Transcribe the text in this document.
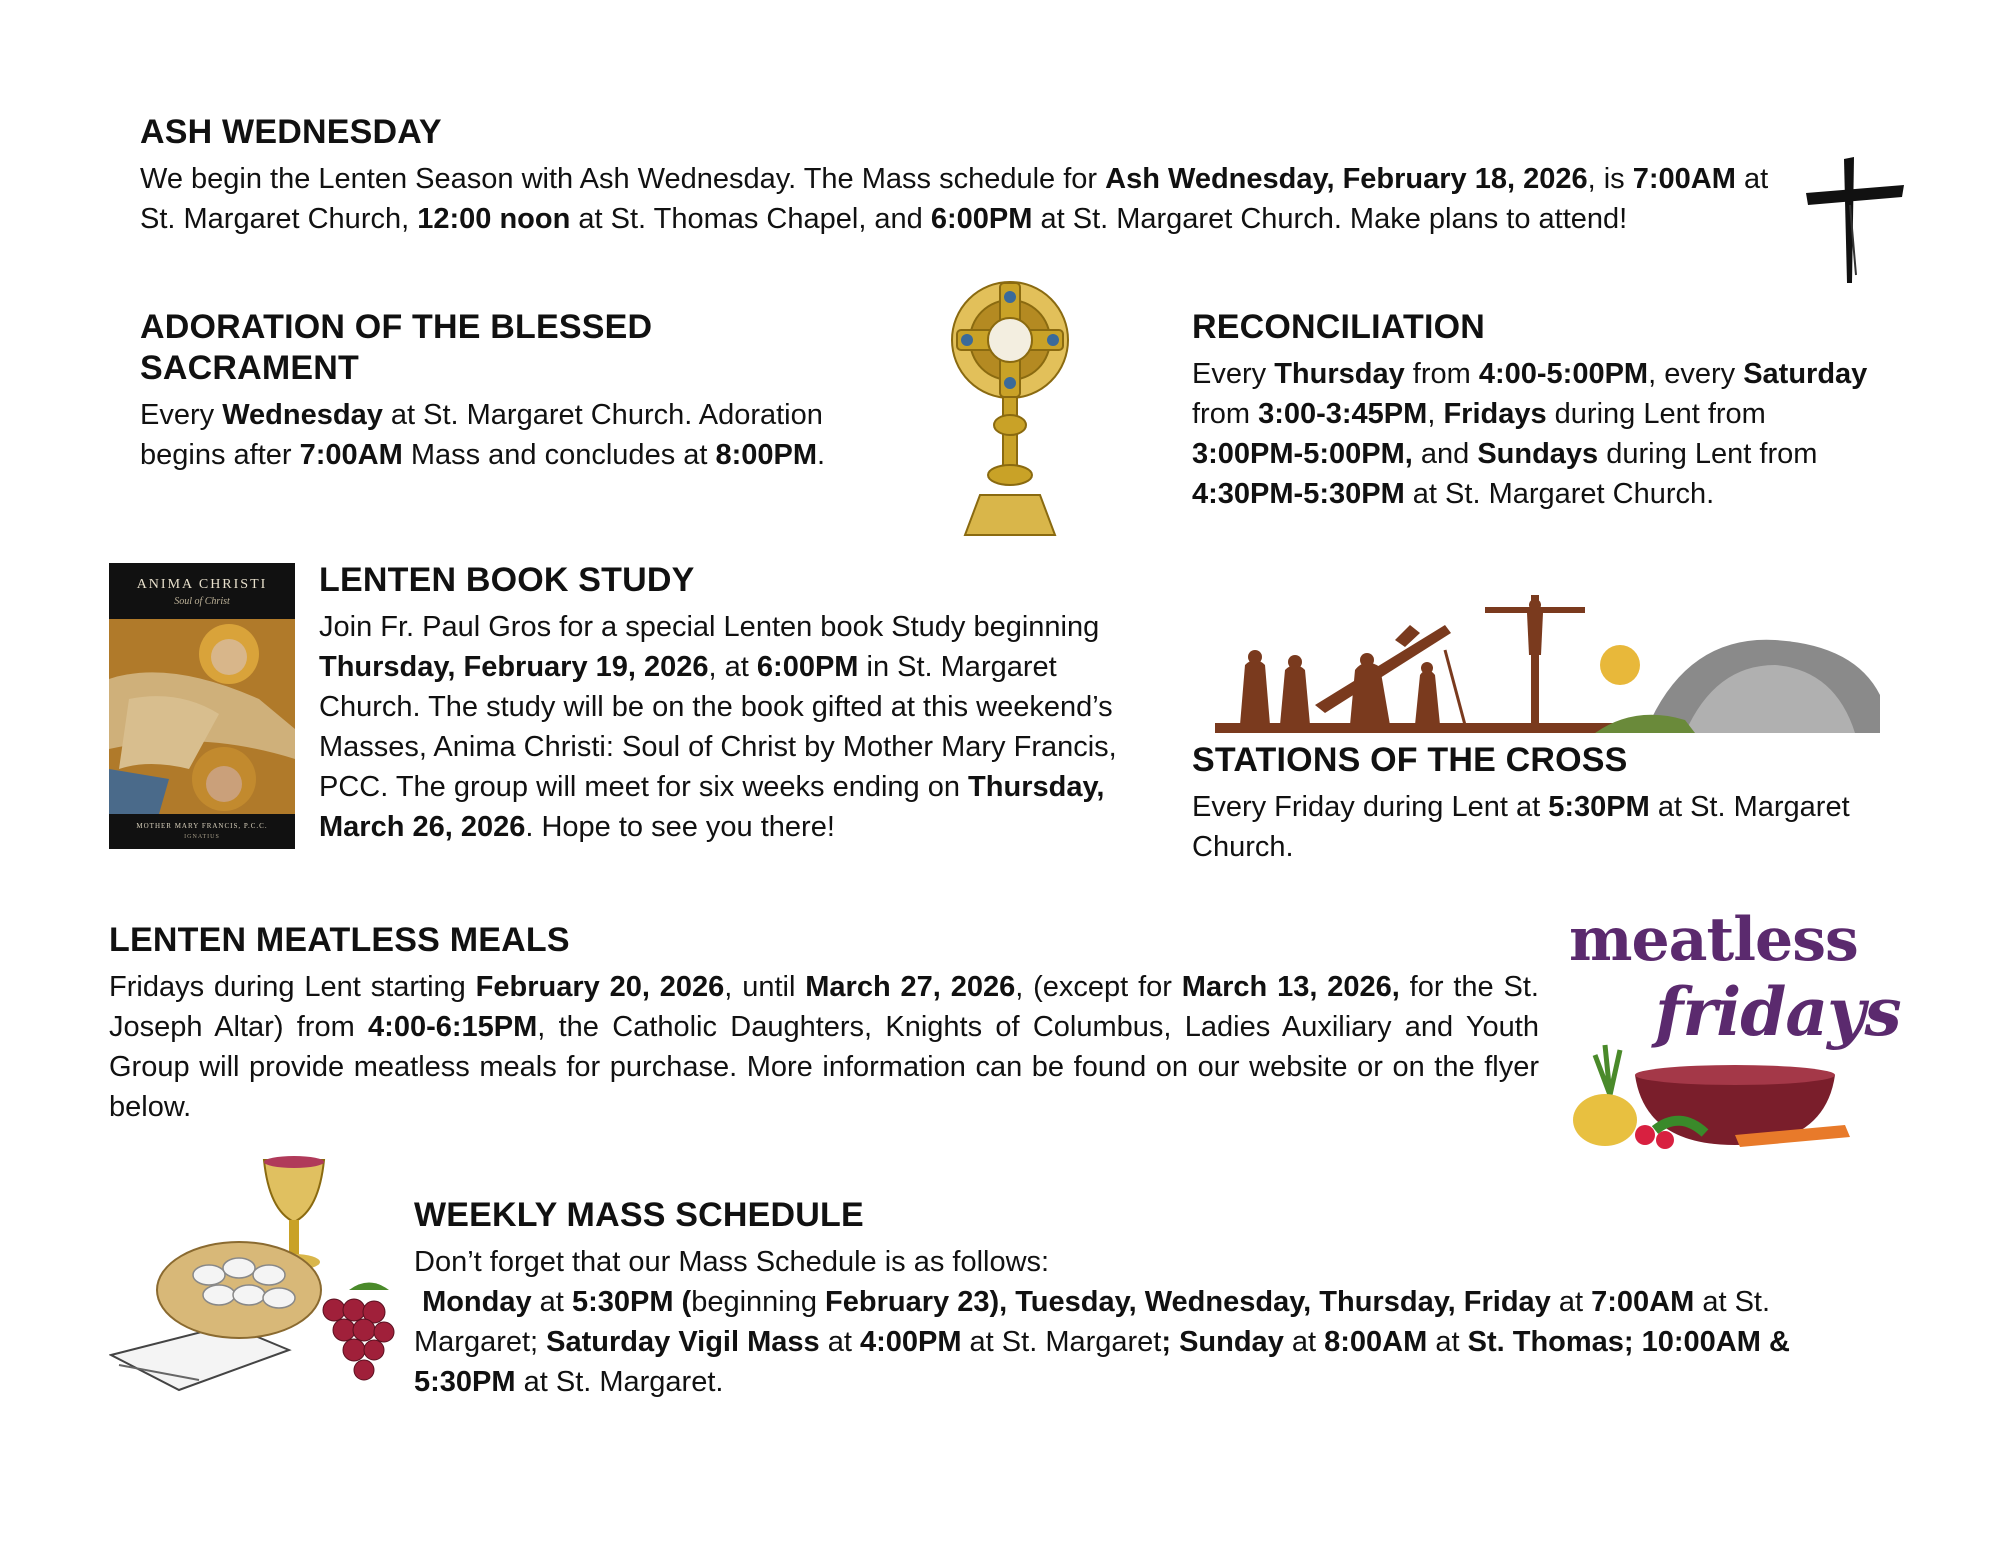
ASH WEDNESDAY

We begin the Lenten Season with Ash Wednesday. The Mass schedule for Ash Wednesday, February 18, 2026, is 7:00AM at St. Margaret Church, 12:00 noon at St. Thomas Chapel, and 6:00PM at St. Margaret Church. Make plans to attend!

ADORATION OF THE BLESSED SACRAMENT

Every Wednesday at St. Margaret Church. Adoration begins after 7:00AM Mass and concludes at 8:00PM.

RECONCILIATION

Every Thursday from 4:00-5:00PM, every Saturday from 3:00-3:45PM, Fridays during Lent from 3:00PM-5:00PM, and Sundays during Lent from 4:30PM-5:30PM at St. Margaret Church.

ANIMA CHRISTI
Soul of Christ
MOTHER MARY FRANCIS, P.C.C.
IGNATIUS
LENTEN BOOK STUDY

Join Fr. Paul Gros for a special Lenten book Study beginning Thursday, February 19, 2026, at 6:00PM in St. Margaret Church. The study will be on the book gifted at this weekend’s Masses, Anima Christi: Soul of Christ by Mother Mary Francis, PCC. The group will meet for six weeks ending on Thursday, March 26, 2026. Hope to see you there!

STATIONS OF THE CROSS

Every Friday during Lent at 5:30PM at St. Margaret Church.

LENTEN MEATLESS MEALS

Fridays during Lent starting February 20, 2026, until March 27, 2026, (except for March 13, 2026, for the St. Joseph Altar) from 4:00-6:15PM, the Catholic Daughters, Knights of Columbus, Ladies Auxiliary and Youth Group will provide meatless meals for purchase. More information can be found on our website or on the flyer below.

meatless
fridays
WEEKLY MASS SCHEDULE

Don’t forget that our Mass Schedule is as follows:

Monday at 5:30PM (beginning February 23), Tuesday, Wednesday, Thursday, Friday at 7:00AM at St. Margaret; Saturday Vigil Mass at 4:00PM at St. Margaret; Sunday at 8:00AM at St. Thomas; 10:00AM & 5:30PM at St. Margaret.
